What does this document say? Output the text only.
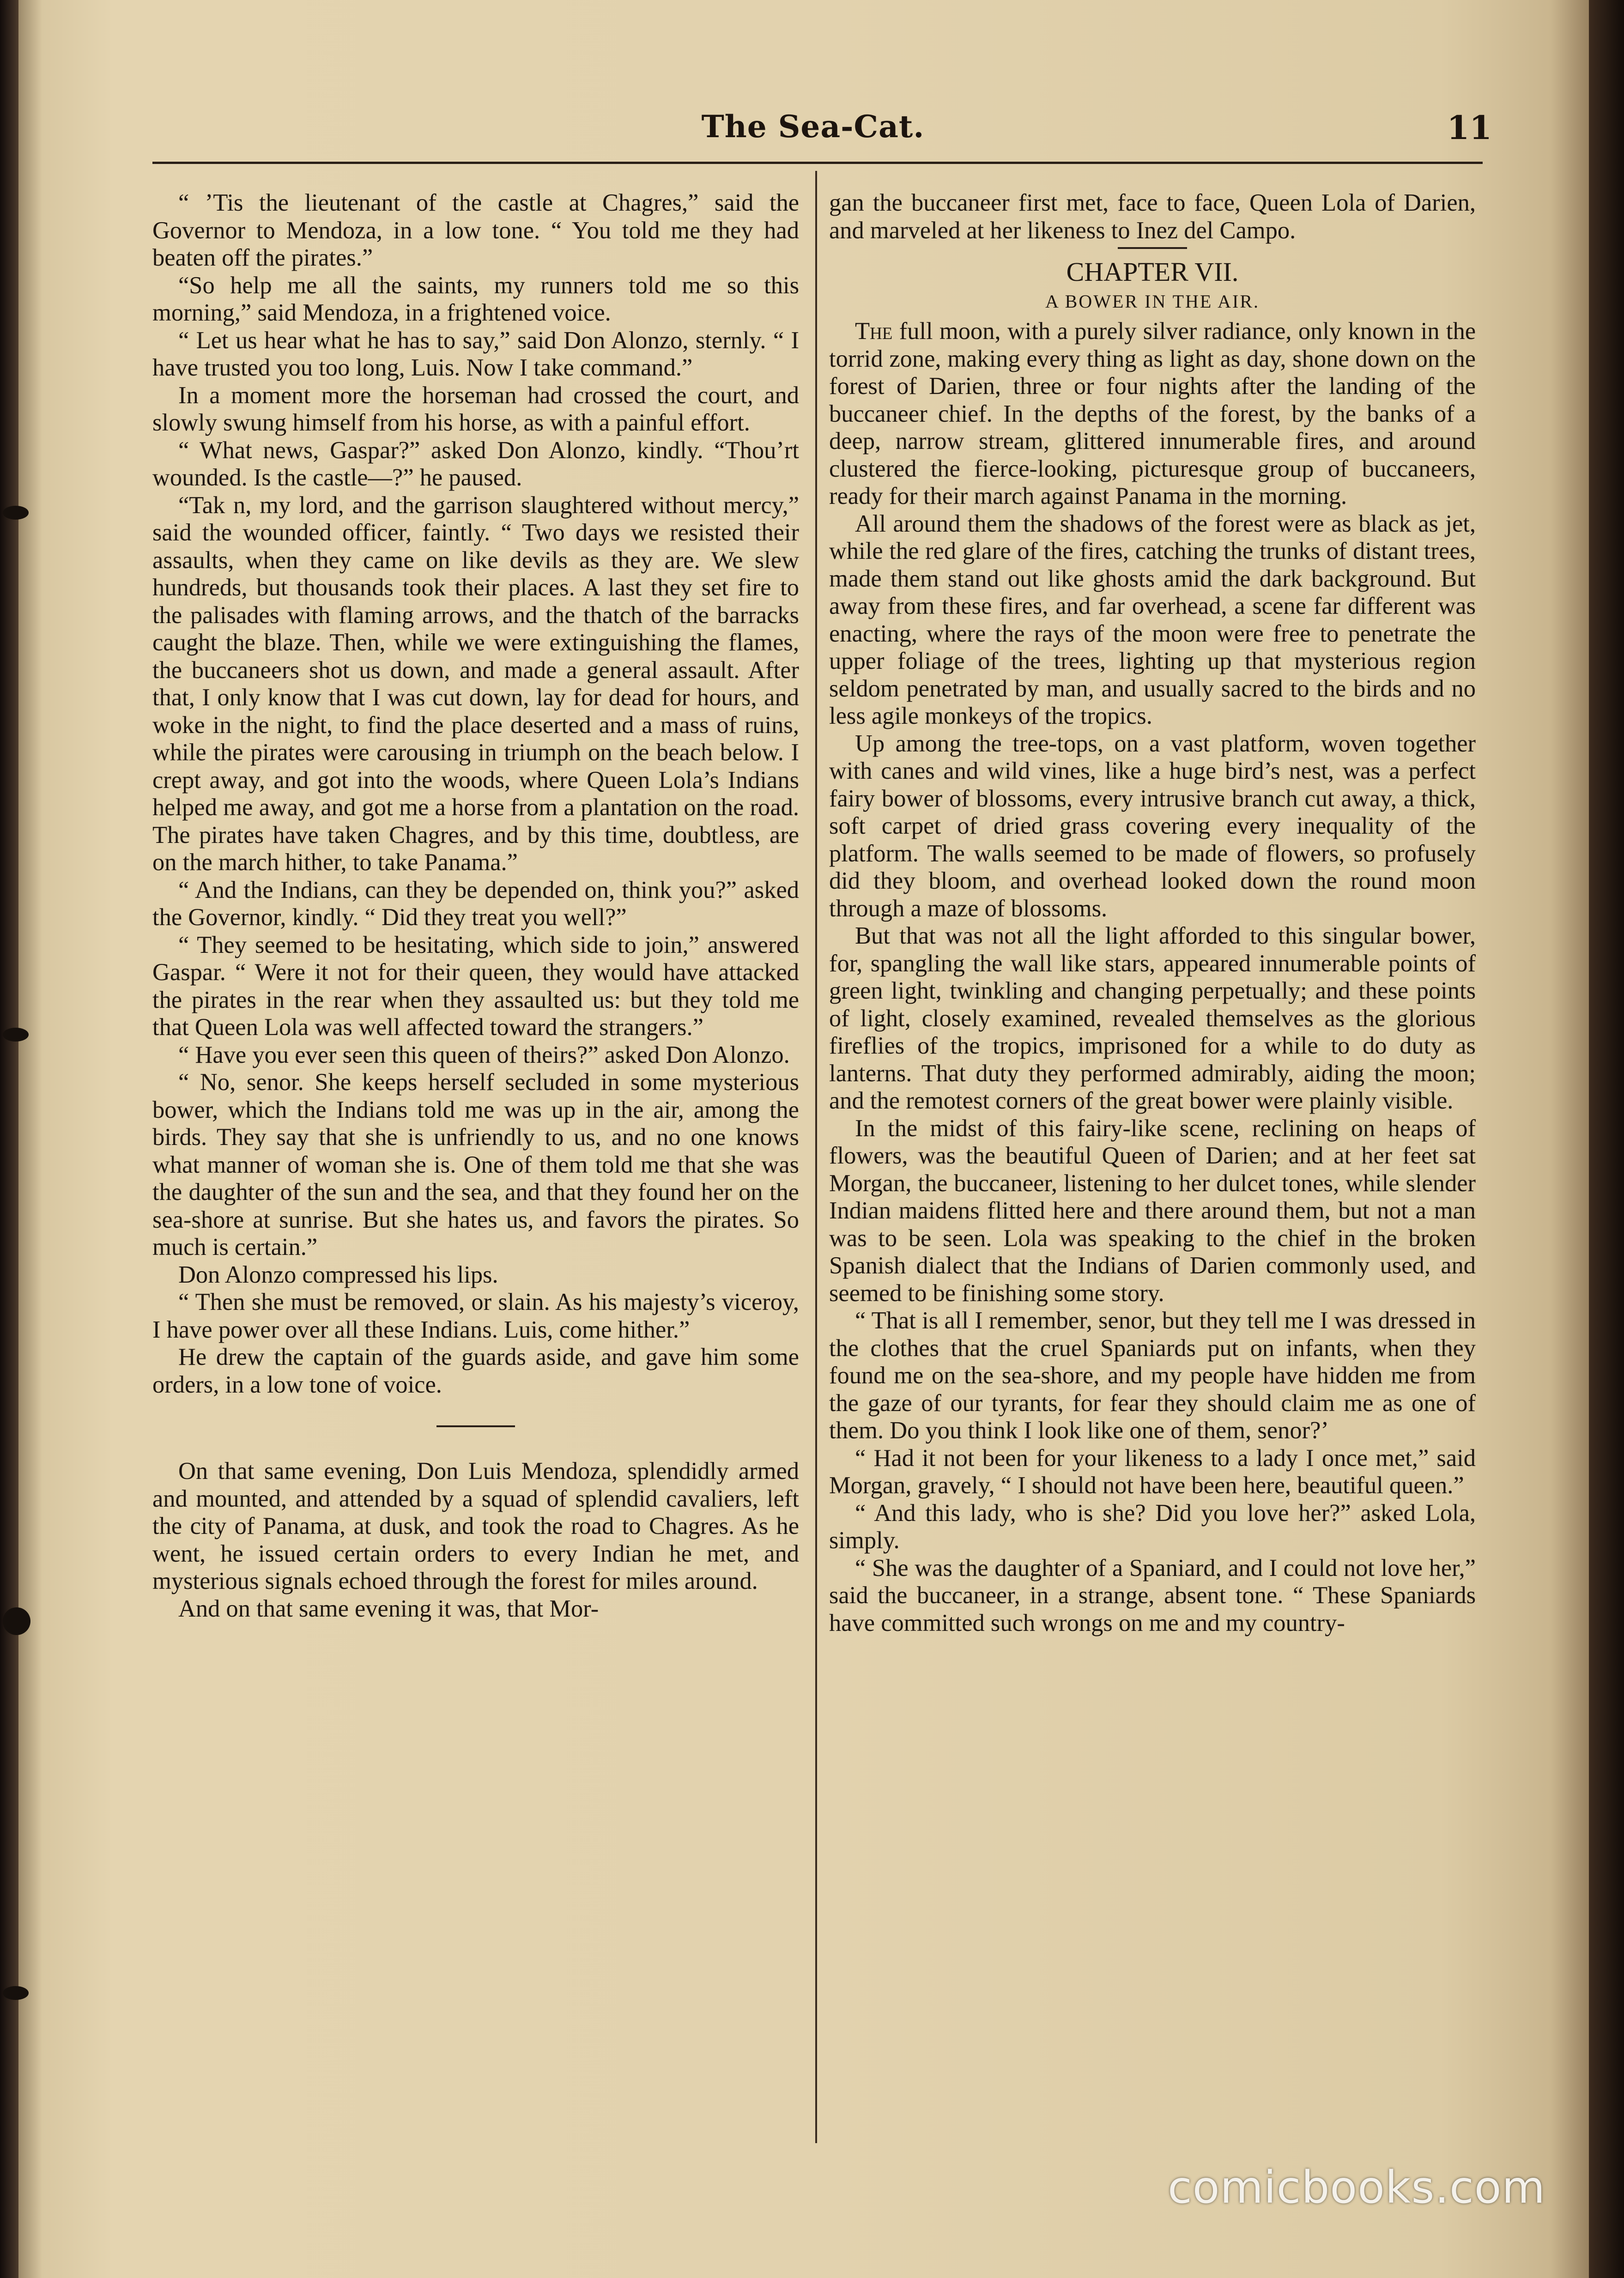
The Sea-Cat.	11

“ ’Tis the lieutenant of the castle at Chagres,” said the Governor to Mendoza, in a low tone. “ You told me they had beaten off the pirates.”

“So help me all the saints, my runners told me so this morning,” said Mendoza, in a frightened voice.

“ Let us hear what he has to say,” said Don Alonzo, sternly. “ I have trusted you too long, Luis. Now I take command.”

In a moment more the horseman had crossed the court, and slowly swung himself from his horse, as with a painful effort.

“ What news, Gaspar?” asked Don Alonzo, kindly. “Thou’rt wounded. Is the castle—?” he paused.

“Tak n, my lord, and the garrison slaughtered without mercy,” said the wounded officer, faintly. “ Two days we resisted their assaults, when they came on like devils as they are. We slew hundreds, but thousands took their places. A last they set fire to the palisades with flaming arrows, and the thatch of the barracks caught the blaze. Then, while we were extinguishing the flames, the buccaneers shot us down, and made a general assault. After that, I only know that I was cut down, lay for dead for hours, and woke in the night, to find the place deserted and a mass of ruins, while the pirates were carousing in triumph on the beach below. I crept away, and got into the woods, where Queen Lola’s Indians helped me away, and got me a horse from a plantation on the road. The pirates have taken Chagres, and by this time, doubtless, are on the march hither, to take Panama.”

“ And the Indians, can they be depended on, think you?” asked the Governor, kindly. “ Did they treat you well?”

“ They seemed to be hesitating, which side to join,” answered Gaspar. “ Were it not for their queen, they would have attacked the pirates in the rear when they assaulted us: but they told me that Queen Lola was well affected toward the strangers.”

“ Have you ever seen this queen of theirs?” asked Don Alonzo.

“ No, senor. She keeps herself secluded in some mysterious bower, which the Indians told me was up in the air, among the birds. They say that she is unfriendly to us, and no one knows what manner of woman she is. One of them told me that she was the daughter of the sun and the sea, and that they found her on the sea-shore at sunrise. But she hates us, and favors the pirates. So much is certain.”

Don Alonzo compressed his lips.

“ Then she must be removed, or slain. As his majesty’s viceroy, I have power over all these Indians. Luis, come hither.”

He drew the captain of the guards aside, and gave him some orders, in a low tone of voice.

On that same evening, Don Luis Mendoza, splendidly armed and mounted, and attended by a squad of splendid cavaliers, left the city of Panama, at dusk, and took the road to Chagres. As he went, he issued certain orders to every Indian he met, and mysterious signals echoed through the forest for miles around.

And on that same evening it was, that Mor-

gan the buccaneer first met, face to face, Queen Lola of Darien, and marveled at her likeness to Inez del Campo.

CHAPTER VII.
A BOWER IN THE AIR.

The full moon, with a purely silver radiance, only known in the torrid zone, making every thing as light as day, shone down on the forest of Darien, three or four nights after the landing of the buccaneer chief. In the depths of the forest, by the banks of a deep, narrow stream, glittered innumerable fires, and around clustered the fierce-looking, picturesque group of buccaneers, ready for their march against Panama in the morning.

All around them the shadows of the forest were as black as jet, while the red glare of the fires, catching the trunks of distant trees, made them stand out like ghosts amid the dark background. But away from these fires, and far overhead, a scene far different was enacting, where the rays of the moon were free to penetrate the upper foliage of the trees, lighting up that mysterious region seldom penetrated by man, and usually sacred to the birds and no less agile monkeys of the tropics.

Up among the tree-tops, on a vast platform, woven together with canes and wild vines, like a huge bird’s nest, was a perfect fairy bower of blossoms, every intrusive branch cut away, a thick, soft carpet of dried grass covering every inequality of the platform. The walls seemed to be made of flowers, so profusely did they bloom, and overhead looked down the round moon through a maze of blossoms.

But that was not all the light afforded to this singular bower, for, spangling the wall like stars, appeared innumerable points of green light, twinkling and changing perpetually; and these points of light, closely examined, revealed themselves as the glorious fireflies of the tropics, imprisoned for a while to do duty as lanterns. That duty they performed admirably, aiding the moon; and the remotest corners of the great bower were plainly visible.

In the midst of this fairy-like scene, reclining on heaps of flowers, was the beautiful Queen of Darien; and at her feet sat Morgan, the buccaneer, listening to her dulcet tones, while slender Indian maidens flitted here and there around them, but not a man was to be seen. Lola was speaking to the chief in the broken Spanish dialect that the Indians of Darien commonly used, and seemed to be finishing some story.

“ That is all I remember, senor, but they tell me I was dressed in the clothes that the cruel Spaniards put on infants, when they found me on the sea-shore, and my people have hidden me from the gaze of our tyrants, for fear they should claim me as one of them. Do you think I look like one of them, senor?’

“ Had it not been for your likeness to a lady I once met,” said Morgan, gravely, “ I should not have been here, beautiful queen.”

“ And this lady, who is she? Did you love her?” asked Lola, simply.

“ She was the daughter of a Spaniard, and I could not love her,” said the buccaneer, in a strange, absent tone. “ These Spaniards have committed such wrongs on me and my country-

comicbooks.com
